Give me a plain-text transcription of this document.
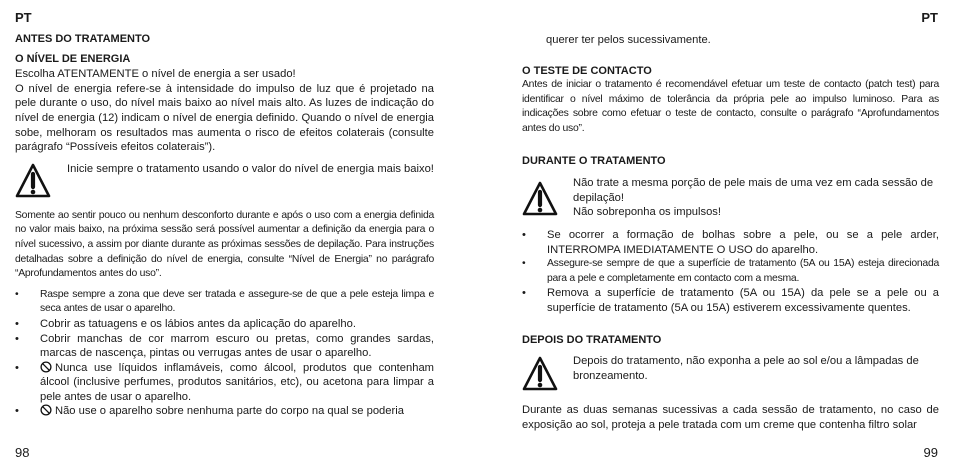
PT
ANTES DO TRATAMENTO
O NÍVEL DE ENERGIA

Escolha ATENTAMENTE o nível de energia a ser usado!

O nível de energia refere-se à intensidade do impulso de luz que é projetado na pele durante o uso, do nível mais baixo ao nível mais alto. As luzes de indicação do nível de energia (12) indicam o nível de energia definido. Quando o nível de energia sobe, melhoram os resultados mas aumenta o risco de efeitos colaterais (consulte parágrafo “Possíveis efeitos colaterais”).

Inicie sempre o tratamento usando o valor do nível de energia mais baixo!

Somente ao sentir pouco ou nenhum desconforto durante e após o uso com a energia definida no valor mais baixo, na próxima sessão será possível aumentar a definição da energia para o nível sucessivo, a assim por diante durante as próximas sessões de depilação. Para instruções detalhadas sobre a definição do nível de energia, consulte “Nível de Energia” no parágrafo “Aprofundamentos antes do uso”.

• Raspe sempre a zona que deve ser tratada e assegure-se de que a pele esteja limpa e seca antes de usar o aparelho.
• Cobrir as tatuagens e os lábios antes da aplicação do aparelho.
• Cobrir manchas de cor marrom escuro ou pretas, como grandes sardas, marcas de nascença, pintas ou verrugas antes de usar o aparelho.
• Nunca use líquidos inflamáveis, como álcool, produtos que contenham álcool (inclusive perfumes, produtos sanitários, etc), ou acetona para limpar a pele antes de usar o aparelho.
• Não use o aparelho sobre nenhuma parte do corpo na qual se poderia
98
PT

querer ter pelos sucessivamente.

O TESTE DE CONTACTO

Antes de iniciar o tratamento é recomendável efetuar um teste de contacto (patch test) para identificar o nível máximo de tolerância da própria pele ao impulso luminoso. Para as indicações sobre como efetuar o teste de contacto, consulte o parágrafo “Aprofundamentos antes do uso”.

DURANTE O TRATAMENTO

Não trate a mesma porção de pele mais de uma vez em cada sessão de depilação!

Não sobreponha os impulsos!

• Se ocorrer a formação de bolhas sobre a pele, ou se a pele arder, INTERROMPA IMEDIATAMENTE O USO do aparelho.
• Assegure-se sempre de que a superfície de tratamento (5A ou 15A) esteja direcionada para a pele e completamente em contacto com a mesma.
• Remova a superfície de tratamento (5A ou 15A) da pele se a pele ou a superfície de tratamento (5A ou 15A) estiverem excessivamente quentes.
DEPOIS DO TRATAMENTO
Depois do tratamento, não exponha a pele ao sol e/ou a lâmpadas de bronzeamento.

Durante as duas semanas sucessivas a cada sessão de tratamento, no caso de exposição ao sol, proteja a pele tratada com um creme que contenha filtro solar

99
